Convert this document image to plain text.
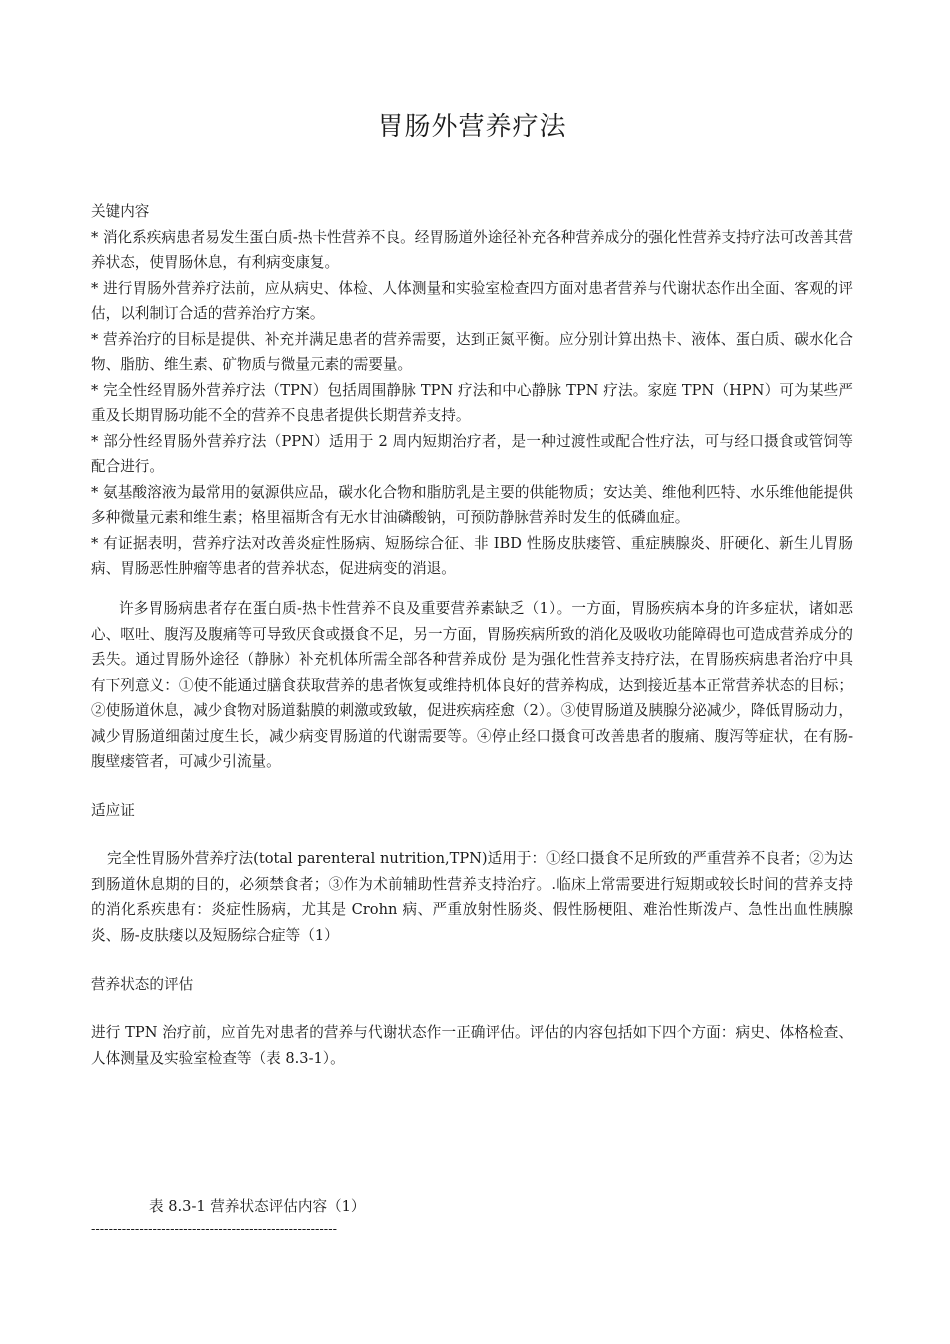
胃肠外营养疗法

关键内容

* 消化系疾病患者易发生蛋白质-热卡性营养不良。经胃肠道外途径补充各种营养成分的强化性营养支持疗法可改善其营养状态，使胃肠休息，有利病变康复。

* 进行胃肠外营养疗法前，应从病史、体检、人体测量和实验室检查四方面对患者营养与代谢状态作出全面、客观的评估，以利制订合适的营养治疗方案。

* 营养治疗的目标是提供、补充并满足患者的营养需要，达到正氮平衡。应分别计算出热卡、液体、蛋白质、碳水化合物、脂肪、维生素、矿物质与微量元素的需要量。

* 完全性经胃肠外营养疗法（TPN）包括周围静脉 TPN 疗法和中心静脉 TPN 疗法。家庭 TPN（HPN）可为某些严重及长期胃肠功能不全的营养不良患者提供长期营养支持。

* 部分性经胃肠外营养疗法（PPN）适用于 2 周内短期治疗者，是一种过渡性或配合性疗法，可与经口摄食或管饲等配合进行。

* 氨基酸溶液为最常用的氨源供应品，碳水化合物和脂肪乳是主要的供能物质；安达美、维他利匹特、水乐维他能提供多种微量元素和维生素；格里福斯含有无水甘油磷酸钠，可预防静脉营养时发生的低磷血症。

* 有证据表明，营养疗法对改善炎症性肠病、短肠综合征、非 IBD 性肠皮肤瘘管、重症胰腺炎、肝硬化、新生儿胃肠病、胃肠恶性肿瘤等患者的营养状态，促进病变的消退。

许多胃肠病患者存在蛋白质-热卡性营养不良及重要营养素缺乏（1）。一方面，胃肠疾病本身的许多症状，诸如恶心、呕吐、腹泻及腹痛等可导致厌食或摄食不足，另一方面，胃肠疾病所致的消化及吸收功能障碍也可造成营养成分的丢失。通过胃肠外途径（静脉）补充机体所需全部各种营养成份 是为强化性营养支持疗法，在胃肠疾病患者治疗中具有下列意义：①使不能通过膳食获取营养的患者恢复或维持机体良好的营养构成，达到接近基本正常营养状态的目标；②使肠道休息，减少食物对肠道黏膜的刺激或致敏，促进疾病痊愈（2）。③使胃肠道及胰腺分泌减少，降低胃肠动力，减少胃肠道细菌过度生长，减少病变胃肠道的代谢需要等。④停止经口摄食可改善患者的腹痛、腹泻等症状，在有肠-腹壁瘘管者，可减少引流量。

适应证

完全性胃肠外营养疗法(total parenteral nutrition,TPN)适用于：①经口摄食不足所致的严重营养不良者；②为达到肠道休息期的目的，必须禁食者；③作为术前辅助性营养支持治疗。.临床上常需要进行短期或较长时间的营养支持的消化系疾患有：炎症性肠病，尤其是 Crohn 病、严重放射性肠炎、假性肠梗阻、难治性斯泼卢、急性出血性胰腺炎、肠-皮肤瘘以及短肠综合症等（1）

营养状态的评估

进行 TPN 治疗前，应首先对患者的营养与代谢状态作一正确评估。评估的内容包括如下四个方面：病史、体格检查、人体测量及实验室检查等（表 8.3-1）。

表 8.3-1 营养状态评估内容（1）

--------------------------------------------------------
